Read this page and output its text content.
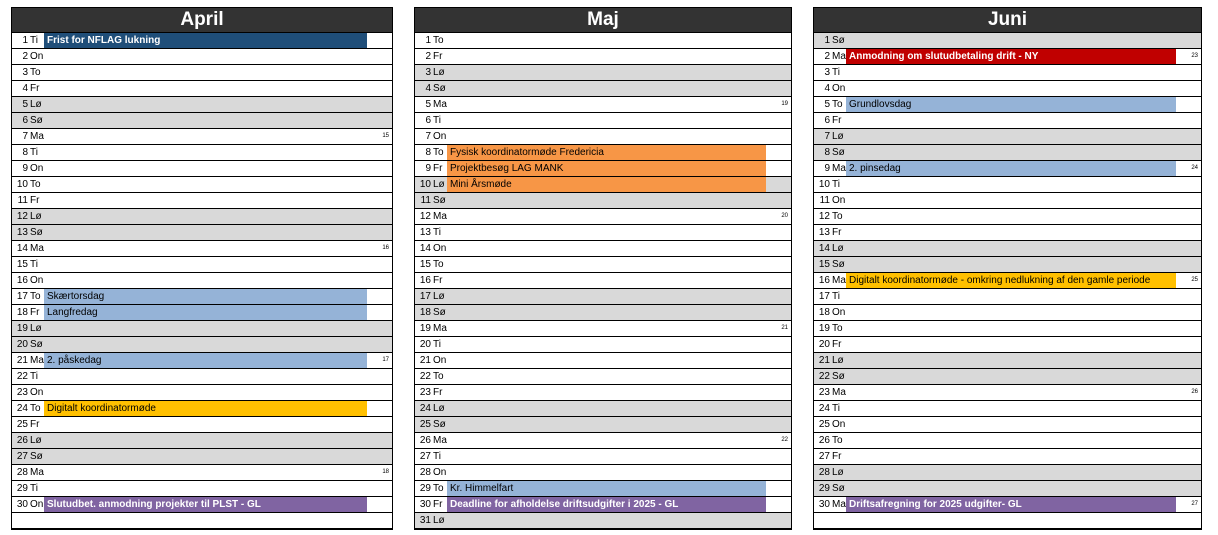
April
1 Ti Frist for NFLAG lukning
2 On
3 To
4 Fr
5 Lø
6 Sø
7 Ma	15
8 Ti
9 On
10 To
11 Fr
12 Lø
13 Sø
14 Ma	16
15 Ti
16 On
17 To Skærtorsdag
18 Fr Langfredag
19 Lø
20 Sø
21 Ma 2. påskedag	17
22 Ti
23 On
24 To Digitalt koordinatormøde
25 Fr
26 Lø
27 Sø
28 Ma	18
29 Ti
30 On Slutudbet. anmodning projekter til PLST - GL
Maj
1 To
2 Fr
3 Lø
4 Sø
5 Ma	19
6 Ti
7 On
8 To Fysisk koordinatormøde Fredericia
9 Fr Projektbesøg LAG MANK
10 Lø Mini Årsmøde
11 Sø
12 Ma	20
13 Ti
14 On
15 To
16 Fr
17 Lø
18 Sø
19 Ma	21
20 Ti
21 On
22 To
23 Fr
24 Lø
25 Sø
26 Ma	22
27 Ti
28 On
29 To Kr. Himmelfart
30 Fr Deadline for afholdelse driftsudgifter i 2025 - GL
31 Lø
Juni
1 Sø
2 Ma Anmodning om slutudbetaling drift - NY	23
3 Ti
4 On
5 To Grundlovsdag
6 Fr
7 Lø
8 Sø
9 Ma 2. pinsedag	24
10 Ti
11 On
12 To
13 Fr
14 Lø
15 Sø
16 Ma Digitalt koordinatormøde - omkring nedlukning af den gamle periode	25
17 Ti
18 On
19 To
20 Fr
21 Lø
22 Sø
23 Ma	26
24 Ti
25 On
26 To
27 Fr
28 Lø
29 Sø
30 Ma Driftsafregning for 2025 udgifter- GL	27
